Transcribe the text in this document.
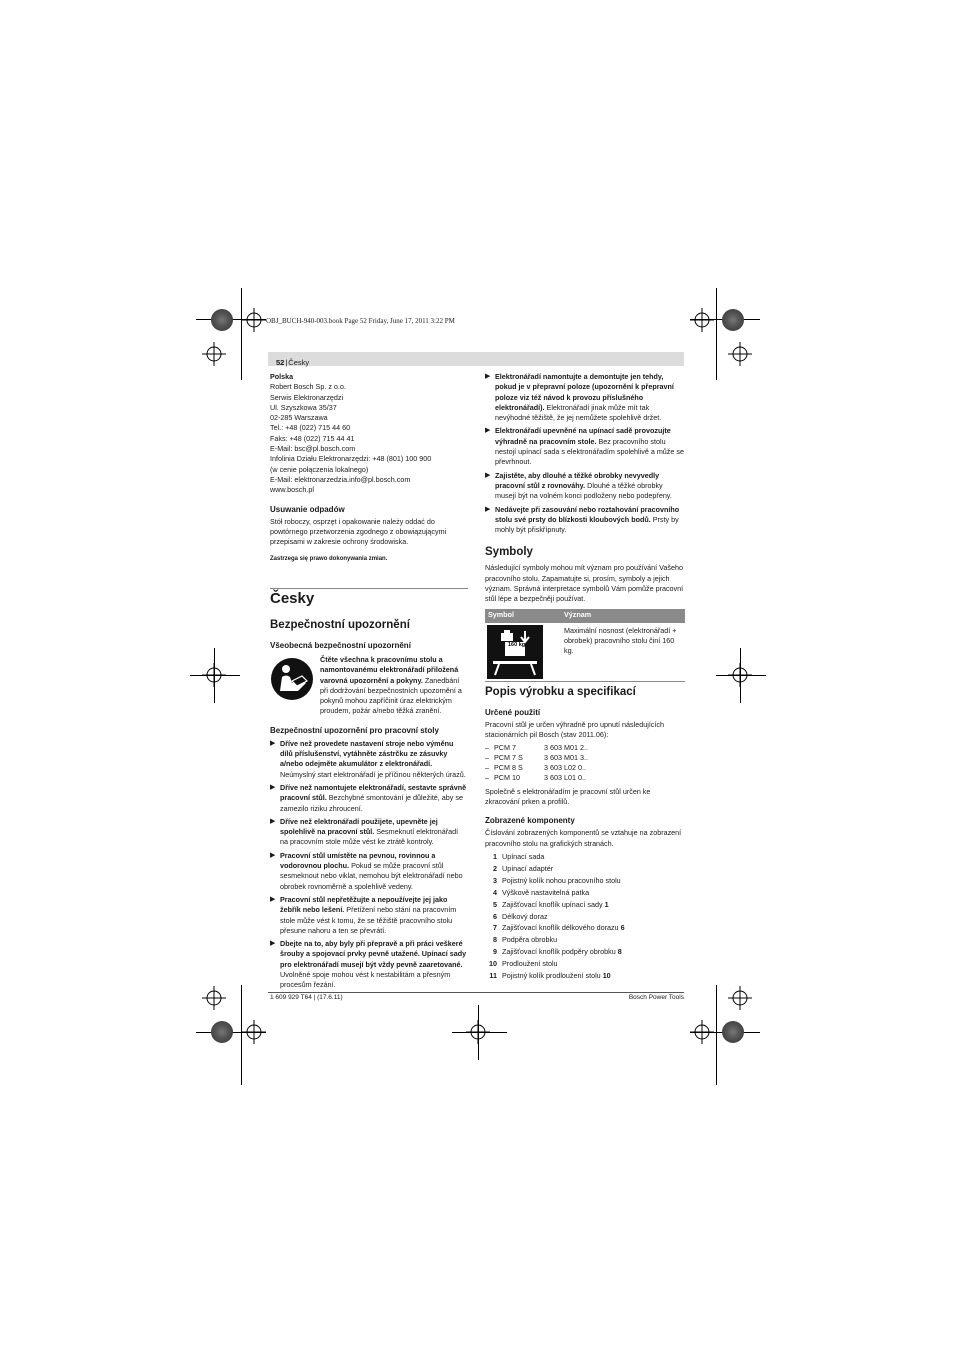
OBJ_BUCH-940-003.book Page 52 Friday, June 17, 2011 3:22 PM
52|Česky

Polska

Robert Bosch Sp. z o.o.

Serwis Elektronarzędzi

Ul. Szyszkowa 35/37

02-285 Warszawa

Tel.: +48 (022) 715 44 60

Faks: +48 (022) 715 44 41

E-Mail: bsc@pl.bosch.com

Infolinia Działu Elektronarzędzi: +48 (801) 100 900

(w cenie połączenia lokalnego)

E-Mail: elektronarzedzia.info@pl.bosch.com

www.bosch.pl

Usuwanie odpadów

Stół roboczy, osprzęt i opakowanie należy oddać do powtórnego przetworzenia zgodnego z obowiązującymi przepisami w zakresie ochrony środowiska.

Zastrzega się prawo dokonywania zmian.

Česky

Bezpečnostní upozornění

Všeobecná bezpečnostní upozornění

Čtěte všechna k pracovnímu stolu a namontovanému elektronářadí přiložená varovná upozornění a pokyny. Zanedbání při dodržování bezpečnostních upozornění a pokynů mohou zapříčinit úraz elektrickým proudem, požár a/nebo těžká zranění.

Bezpečnostní upozornění pro pracovní stoly

▶ Dříve než provedete nastavení stroje nebo výměnu dílů příslušenství, vytáhněte zástrčku ze zásuvky a/nebo odejměte akumulátor z elektronářadí. Neúmyslný start elektronářadí je příčinou některých úrazů.
▶ Dříve než namontujete elektronářadí, sestavte správně pracovní stůl. Bezchybné smontování je důležité, aby se zamezilo riziku zhroucení.
▶ Dříve než elektronářadí použijete, upevněte jej spolehlivě na pracovní stůl. Sesmeknutí elektronářadí na pracovním stole může vést ke ztrátě kontroly.
▶ Pracovní stůl umístěte na pevnou, rovinnou a vodorovnou plochu. Pokud se může pracovní stůl sesmeknout nebo viklat, nemohou být elektronářadí nebo obrobek rovnoměrně a spolehlivě vedeny.
▶ Pracovní stůl nepřetěžujte a nepoužívejte jej jako žebřík nebo lešení. Přetížení nebo stání na pracovním stole může vést k tomu, že se těžiště pracovního stolu přesune nahoru a ten se převrátí.
▶ Dbejte na to, aby byly při přepravě a při práci veškeré šrouby a spojovací prvky pevně utažené. Upínací sady pro elektronářadí musejí být vždy pevně zaaretované. Uvolněné spoje mohou vést k nestabilitám a přesným procesům řezání.
▶ Elektronářadí namontujte a demontujte jen tehdy, pokud je v přepravní poloze (upozornění k přepravní poloze viz též návod k provozu příslušného elektronářadí). Elektronářadí jinak může mít tak nevýhodné těžiště, že jej nemůžete spolehlivě držet.
▶ Elektronářadí upevněné na upínací sadě provozujte výhradně na pracovním stole. Bez pracovního stolu nestojí upínací sada s elektronářadím spolehlivě a může se převrhnout.
▶ Zajistěte, aby dlouhé a těžké obrobky nevyvedly pracovní stůl z rovnováhy. Dlouhé a těžké obrobky musejí být na volném konci podloženy nebo podepřeny.
▶ Nedávejte při zasouvání nebo roztahování pracovního stolu své prsty do blízkosti kloubových bodů. Prsty by mohly být přiskřípnuty.

Symboly

Následující symboly mohou mít význam pro používání Vašeho pracovního stolu. Zapamatujte si, prosím, symboly a jejich význam. Správná interpretace symbolů Vám pomůže pracovní stůl lépe a bezpečněji používat.

Symbol	Význam

	Maximální nosnost (elektronářadí + obrobek) pracovního stolu činí 160 kg.

Popis výrobku a specifikací

Určené použití

Pracovní stůl je určen výhradně pro upnutí následujících stacionárních pil Bosch (stav 2011.06):

– PCM 7	3 603 M01 2..
– PCM 7 S	3 603 M01 3..
– PCM 8 S	3 603 L02 0..
– PCM 10	3 603 L01 0..

Společně s elektronářadím je pracovní stůl určen ke zkracování prken a profilů.

Zobrazené komponenty

Číslování zobrazených komponentů se vztahuje na zobrazení pracovního stolu na grafických stranách.

1 Upínací sada
2 Upínací adaptér
3 Pojistný kolík nohou pracovního stolu
4 Výškově nastavitelná patka
5 Zajišťovací knoflík upínací sady 1
6 Délkový doraz
7 Zajišťovací knoflík délkového dorazu 6
8 Podpěra obrobku
9 Zajišťovací knoflík podpěry obrobku 8
10 Prodloužení stolu
11 Pojistný kolík prodloužení stolu 10
1 609 929 T64 | (17.6.11)	Bosch Power Tools
